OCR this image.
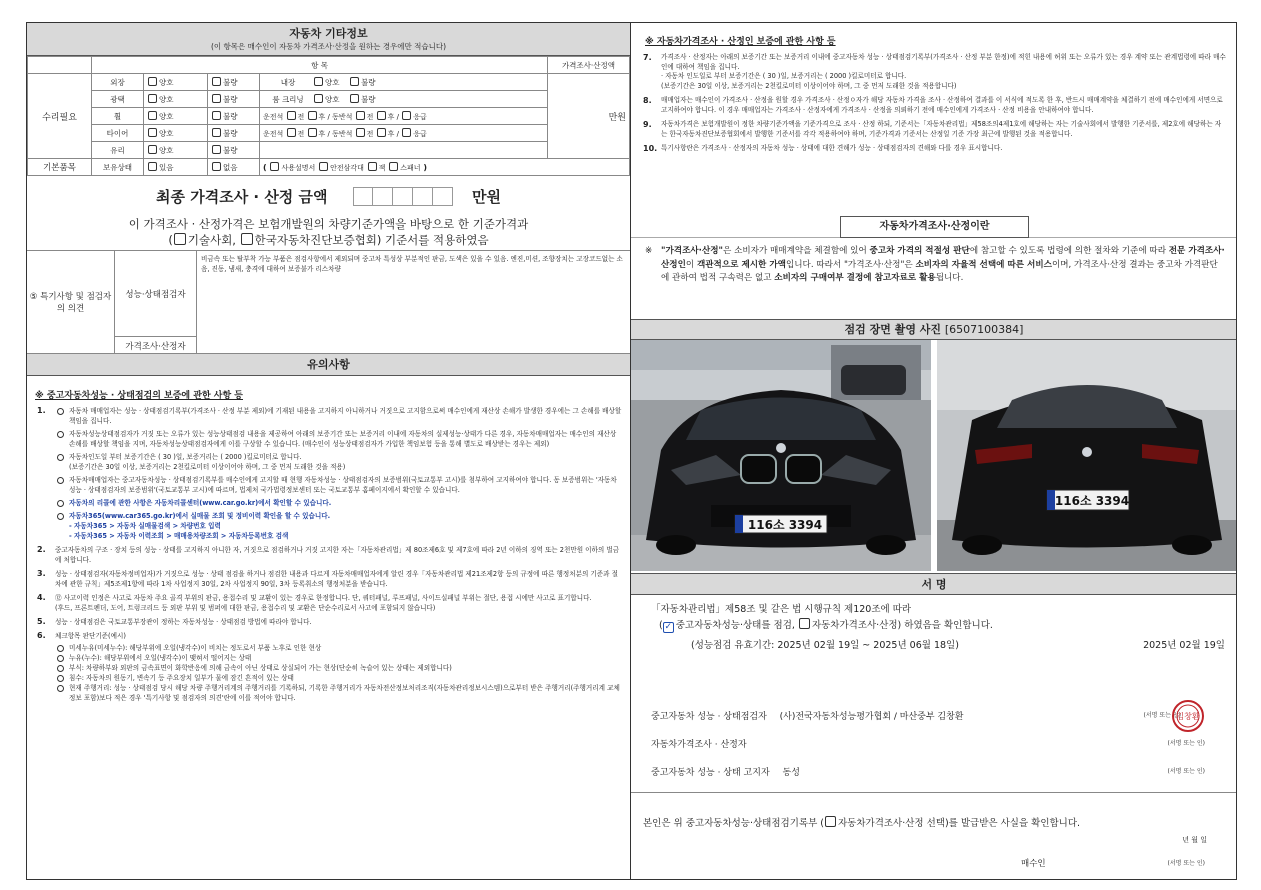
자동차 기타정보
(이 항목은 매수인이 자동차 가격조사·산정을 원하는 경우에만 적습니다)
	항 목				가격조사·산정액
수리필요	외장	양호	불량	내장 양호 불량	만원
	광택	양호	불량	룸 크리닝 양호 불량	
	휠	양호	불량	운전석 전 후 / 동반석 전 후 / 응급	
	타이어	양호	불량	운전석 전 후 / 동반석 전 후 / 응급	
	유리	양호	불량		
기본품목	보유상태	있음	없음	( 사용설명서 안전삼각대 잭 스패너 )	
최종 가격조사 · 산정 금액	만원
이 가격조사 · 산정가격은 보험개발원의 차량기준가액을 바탕으로 한 기준가격과
( 기술사회, 한국자동차진단보증협회) 기준서를 적용하였음
⑤ 특기사항 및 점검자의 의견
성능·상태점검자
비금속 또는 탈부착 가능 부품은 점검사항에서 제외되며 중고차 특성상 부분적인 판금, 도색은 있을 수 있음. 엔진,미션, 조향장치는 고장코드없는 소음, 진동, 냄새, 충격에 대하여 보증불가 리스차량
가격조사·산정자
유의사항
※ 중고자동차성능 · 상태점검의 보증에 관한 사항 등
1.	자동차 매매업자는 성능 · 상태점검기록부(가격조사 · 산정 부분 제외)에 기재된 내용을 고지하지 아니하거나 거짓으로 고지함으로써 매수인에게 재산상 손해가 발생한 경우에는 그 손해를 배상할 책임을 집니다.
자동차성능상태점검자가 거짓 또는 오류가 있는 성능상태점검 내용을 제공하여 아래의 보증기간 또는 보증거리 이내에 자동차의 실제성능·상태가 다른 경우, 자동차매매업자는 매수인의 재산상 손해를 배상할 책임을 지며, 자동차성능상태점검자에게 이를 구상할 수 있습니다. (매수인이 성능상태점검자가 가입한 책임보험 등을 통해 별도로 배상받는 경우는 제외)
자동차인도일 부터 보증기간은 ( 30 )일, 보증거리는 ( 2000 )킬로미터로 합니다.
(보증기간은 30일 이상, 보증거리는 2천킬로미터 이상이어야 하며, 그 중 먼저 도래한 것을 적용)
자동차매매업자는 중고자동차성능 · 상태점검기록부를 매수인에게 고지할 때 현행 자동차성능 · 상태점검자의 보증범위(국토교통부 고시)를 첨부하여 고지하여야 합니다. 동 보증범위는 '자동차성능 · 상태점검자의 보증범위'(국토교통부 고시)에 따르며, 법제처 국가법령정보센터 또는 국토교통부 홈페이지에서 확인할 수 있습니다.
자동차의 리콜에 관한 사항은 자동차리콜센터(www.car.go.kr)에서 확인할 수 있습니다.
자동차365(www.car365.go.kr)에서 실매물 조회 및 정비이력 확인을 할 수 있습니다.
- 자동차365 > 자동차 실매물검색 > 차량번호 입력
- 자동차365 > 자동차 이력조회 > 매매용차량조회 > 자동차등록번호 검색
2. 중고자동차의 구조 · 장치 등의 성능 · 상태를 고지하지 아니한 자, 거짓으로 점검하거나 거짓 고지한 자는「자동차관리법」제 80조제6호 및 제7호에 따라 2년 이하의 징역 또는 2천만원 이하의 벌금에 처합니다.
3. 성능 · 상태점검자(자동차정비업자)가 거짓으로 성능 · 상태 점검을 하거나 점검한 내용과 다르게 자동차매매업자에게 알린 경우「자동차관리법 제21조제2항 등의 규정에 따른 행정처분의 기준과 절차에 관한 규칙」제5조제1항에 따라 1차 사업정지 30일, 2차 사업정지 90일, 3차 등록취소의 행정처분을 받습니다.
4. ⑫ 사고이력 인정은 사고로 자동차 주요 골격 부위의 판금, 용접수리 및 교환이 있는 경우로 한정합니다. 단, 쿼터패널, 루프패널, 사이드실패널 부위는 절단, 용접 시에만 사고로 표기합니다.
(후드, 프론트펜더, 도어, 트렁크리드 등 외판 부위 및 범퍼에 대한 판금, 용접수리 및 교환은 단순수리로서 사고에 포함되지 않습니다)
5. 성능 · 상태점검은 국토교통부장관이 정하는 자동차성능 · 상태점검 방법에 따라야 합니다.
6. 체크항목 판단기준(예시)
미세누유(미세누수): 해당부위에 오일(냉각수)이 비치는 정도로서 부품 노후로 인한 현상
누유(누수): 해당부위에서 오일(냉각수)이 맺혀서 떨어지는 상태
부식: 차량하부와 외판의 금속표면이 화학반응에 의해 금속이 아닌 상태로 상실되어 가는 현상(단순히 녹슬어 있는 상태는 제외합니다)
침수: 자동차의 원동기, 변속기 등 주요장치 일부가 물에 잠긴 흔적이 있는 상태
현재 주행거리: 성능 · 상태점검 당시 해당 차량 주행거리계의 주행거리를 기록하되, 기록한 주행거리가 자동차전산정보처리조직(자동차관리정보시스템)으로부터 받은 주행거리(주행거리계 교체 정보 포함)보다 적은 경우 '특기사항 및 점검자의 의견'란에 이를 적어야 합니다.
※ 자동차가격조사 · 산정인 보증에 관한 사항 등
7. 가격조사 · 산정자는 아래의 보증기간 또는 보증거리 이내에 중고자동차 성능 · 상태점검기록부(가격조사 · 산정 부분 한정)에 적힌 내용에 허위 또는 오류가 있는 경우 계약 또는 관계법령에 따라 매수인에 대하여 책임을 집니다.
· 자동차 인도일로 부터 보증기간은 ( 30 )일, 보증거리는 ( 2000 )킬로미터로 합니다.
(보증기간은 30일 이상, 보증거리는 2천킬로미터 이상이어야 하며, 그 중 먼저 도래한 것을 적용합니다)
8. 매매업자는 매수인이 가격조사 · 산정을 원할 경우 가격조사 · 산정ㅇ자가 해당 자동차 가격을 조사 · 산정하여 결과를 이 서식에 적도록 한 후, 반드시 매매계약을 체결하기 전에 매수인에게 서면으로 고지하여야 합니다. 이 경우 매매업자는 가격조사 · 산정자에게 가격조사 · 산정을 의뢰하기 전에 매수인에게 가격조사 · 산정 비용을 안내하여야 합니다.
9. 자동차가격은 보험개발원이 정한 차량기준가액을 기준가격으로 조사 · 산정 하되, 기준서는「자동차관리법」제58조의4제1호에 해당하는 자는 기술사회에서 발행한 기준서를, 제2호에 해당하는 자는 한국자동차진단보증협회에서 발행한 기준서를 각각 적용하여야 하며, 기준가격과 기준서는 산정일 기준 가장 최근에 발행된 것을 적용합니다.
10. 특기사항란은 가격조사 · 산정자의 자동차 성능 · 상태에 대한 견해가 성능 · 상태점검자의 견해와 다를 경우 표시합니다.
자동차가격조사·산정이란
※ "가격조사·산정"은 소비자가 매매계약을 체결함에 있어 중고차 가격의 적절성 판단에 참고할 수 있도록 법령에 의한 절차와 기준에 따라 전문 가격조사·산정인이 객관적으로 제시한 가액입니다. 따라서 "가격조사·산정"은 소비자의 자율적 선택에 따른 서비스이며, 가격조사·산정 결과는 중고차 가격판단에 관하여 법적 구속력은 없고 소비자의 구매여부 결정에 참고자료로 활용됩니다.
점검 장면 촬영 사진 [6507100384]
116소 3394
116소 3394
서 명
「자동차관리법」제58조 및 같은 법 시행규칙 제120조에 따라
( ✓ 중고자동차성능·상태를 점검, 자동차가격조사·산정) 하였음을 확인합니다.
(성능점검 유효기간: 2025년 02월 19일 ~ 2025년 06월 18일)	2025년 02월 19일
중고자동차 성능 · 상태점검자 (사)전국자동차성능평가협회 / 마산중부 김창환	(서명 또는 인)
김창환
자동차가격조사 · 산정자	(서명 또는 인)
중고자동차 성능 · 상태 고지자 동성	(서명 또는 인)
본인은 위 중고자동차성능·상태점검기록부 ( 자동차가격조사·산정 선택)를 발급받은 사실을 확인합니다.
년 월 일
매수인	(서명 또는 인)
